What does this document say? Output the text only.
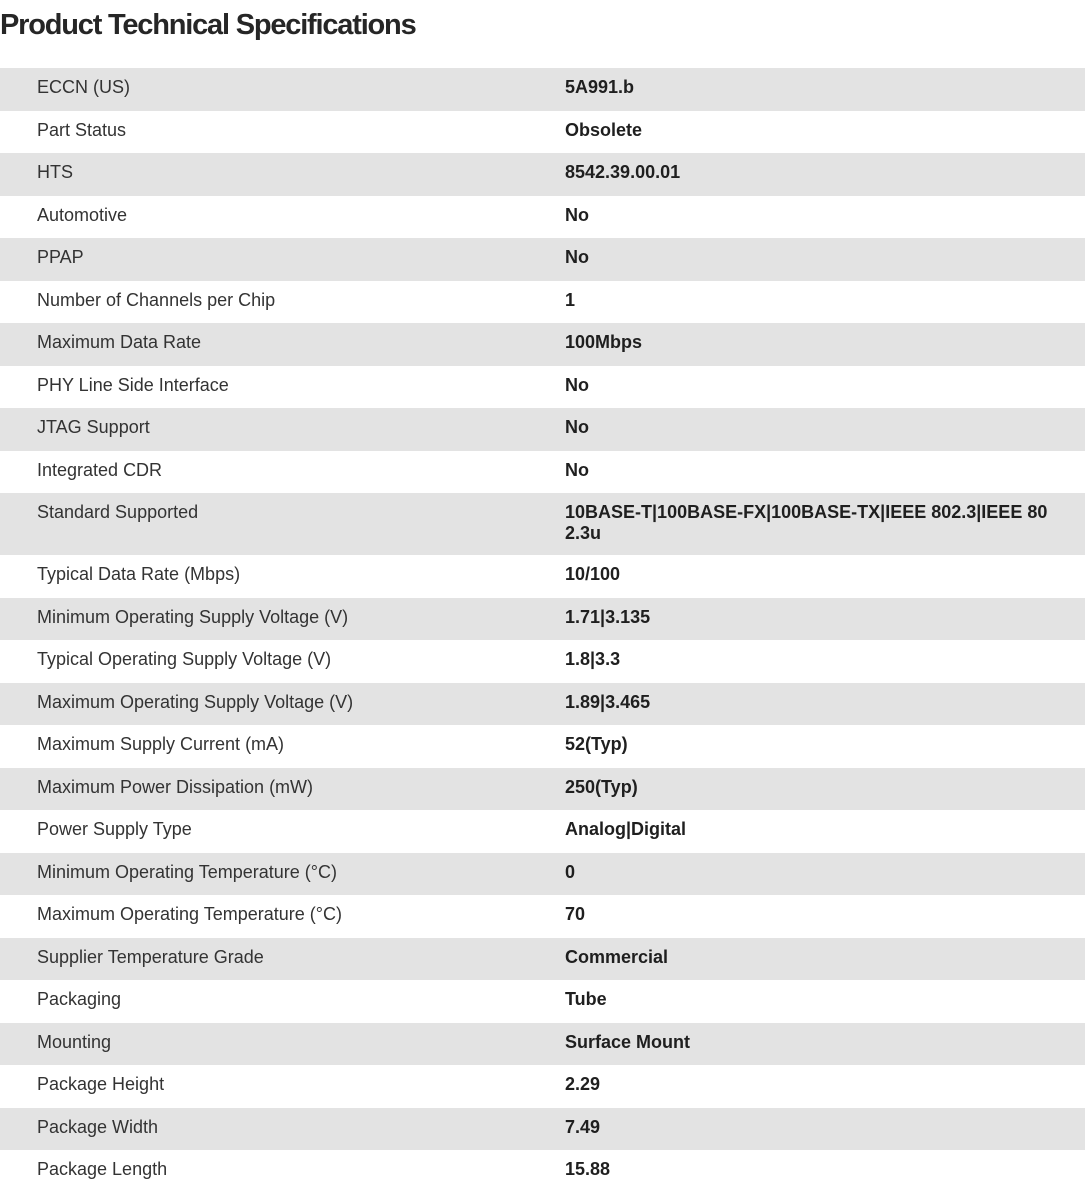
Product Technical Specifications
ECCN (US)	5A991.b
Part Status	Obsolete
HTS	8542.39.00.01
Automotive	No
PPAP	No
Number of Channels per Chip	1
Maximum Data Rate	100Mbps
PHY Line Side Interface	No
JTAG Support	No
Integrated CDR	No
Standard Supported	10BASE-T|100BASE-FX|100BASE-TX|IEEE 802.3|IEEE 802.3u
Typical Data Rate (Mbps)	10/100
Minimum Operating Supply Voltage (V)	1.71|3.135
Typical Operating Supply Voltage (V)	1.8|3.3
Maximum Operating Supply Voltage (V)	1.89|3.465
Maximum Supply Current (mA)	52(Typ)
Maximum Power Dissipation (mW)	250(Typ)
Power Supply Type	Analog|Digital
Minimum Operating Temperature (°C)	0
Maximum Operating Temperature (°C)	70
Supplier Temperature Grade	Commercial
Packaging	Tube
Mounting	Surface Mount
Package Height	2.29
Package Width	7.49
Package Length	15.88
